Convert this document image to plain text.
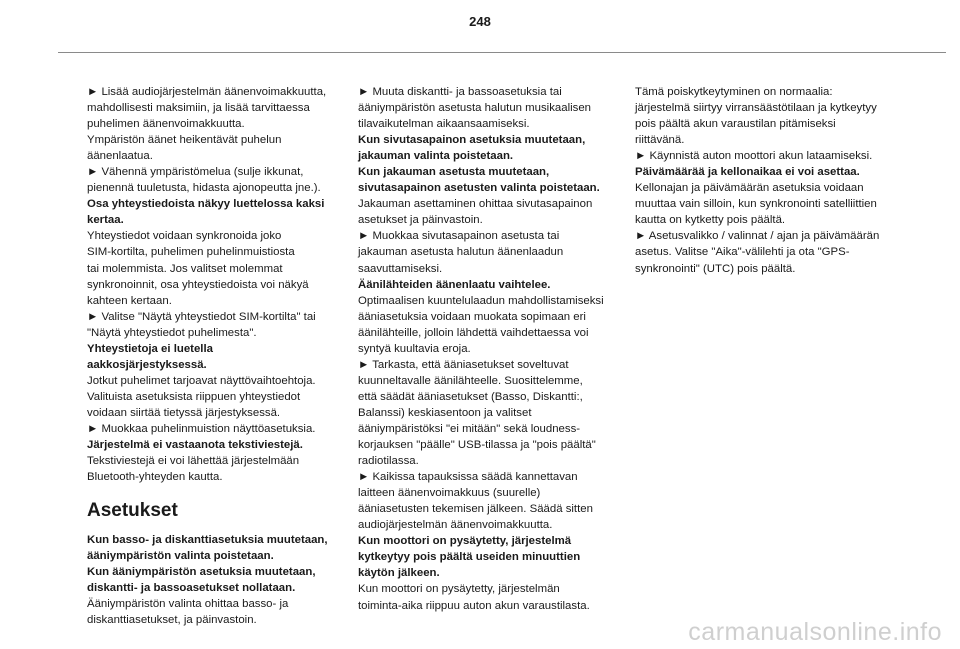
248

► Lisää audiojärjestelmän äänenvoimakkuutta,

mahdollisesti maksimiin, ja lisää tarvittaessa

puhelimen äänenvoimakkuutta.

Ympäristön äänet heikentävät puhelun

äänenlaatua.

► Vähennä ympäristömelua (sulje ikkunat,

pienennä tuuletusta, hidasta ajonopeutta jne.).

Osa yhteystiedoista näkyy luettelossa kaksi

kertaa.

Yhteystiedot voidaan synkronoida joko

SIM-kortilta, puhelimen puhelinmuistiosta

tai molemmista. Jos valitset molemmat

synkronoinnit, osa yhteystiedoista voi näkyä

kahteen kertaan.

► Valitse "Näytä yhteystiedot SIM-kortilta" tai

"Näytä yhteystiedot puhelimesta".

Yhteystietoja ei luetella

aakkosjärjestyksessä.

Jotkut puhelimet tarjoavat näyttövaihtoehtoja.

Valituista asetuksista riippuen yhteystiedot

voidaan siirtää tietyssä järjestyksessä.

► Muokkaa puhelinmuistion näyttöasetuksia.

Järjestelmä ei vastaanota tekstiviestejä.

Tekstiviestejä ei voi lähettää järjestelmään

Bluetooth-yhteyden kautta.

Asetukset

Kun basso- ja diskanttiasetuksia muutetaan,

ääniympäristön valinta poistetaan.

Kun ääniympäristön asetuksia muutetaan,

diskantti- ja bassoasetukset nollataan.

Ääniympäristön valinta ohittaa basso- ja

diskanttiasetukset, ja päinvastoin.

► Muuta diskantti- ja bassoasetuksia tai

ääniympäristön asetusta halutun musikaalisen

tilavaikutelman aikaansaamiseksi.

Kun sivutasapainon asetuksia muutetaan,

jakauman valinta poistetaan.

Kun jakauman asetusta muutetaan,

sivutasapainon asetusten valinta poistetaan.

Jakauman asettaminen ohittaa sivutasapainon

asetukset ja päinvastoin.

► Muokkaa sivutasapainon asetusta tai

jakauman asetusta halutun äänenlaadun

saavuttamiseksi.

Äänilähteiden äänenlaatu vaihtelee.

Optimaalisen kuuntelulaadun mahdollistamiseksi

ääniasetuksia voidaan muokata sopimaan eri

äänilähteille, jolloin lähdettä vaihdettaessa voi

syntyä kuultavia eroja.

► Tarkasta, että ääniasetukset soveltuvat

kuunneltavalle äänilähteelle. Suosittelemme,

että säädät ääniasetukset (Basso, Diskantti:,

Balanssi) keskiasentoon ja valitset

ääniympäristöksi "ei mitään" sekä loudness-

korjauksen "päälle" USB-tilassa ja "pois päältä"

radiotilassa.

► Kaikissa tapauksissa säädä kannettavan

laitteen äänenvoimakkuus (suurelle)

ääniasetusten tekemisen jälkeen. Säädä sitten

audiojärjestelmän äänenvoimakkuutta.

Kun moottori on pysäytetty, järjestelmä

kytkeytyy pois päältä useiden minuuttien

käytön jälkeen.

Kun moottori on pysäytetty, järjestelmän

toiminta-aika riippuu auton akun varaustilasta.

Tämä poiskytkeytyminen on normaalia:

järjestelmä siirtyy virransäästötilaan ja kytkeytyy

pois päältä akun varaustilan pitämiseksi

riittävänä.

► Käynnistä auton moottori akun lataamiseksi.

Päivämäärää ja kellonaikaa ei voi asettaa.

Kellonajan ja päivämäärän asetuksia voidaan

muuttaa vain silloin, kun synkronointi satelliittien

kautta on kytketty pois päältä.

► Asetusvalikko / valinnat / ajan ja päivämäärän

asetus. Valitse "Aika"-välilehti ja ota "GPS-

synkronointi" (UTC) pois päältä.

carmanualsonline.info
